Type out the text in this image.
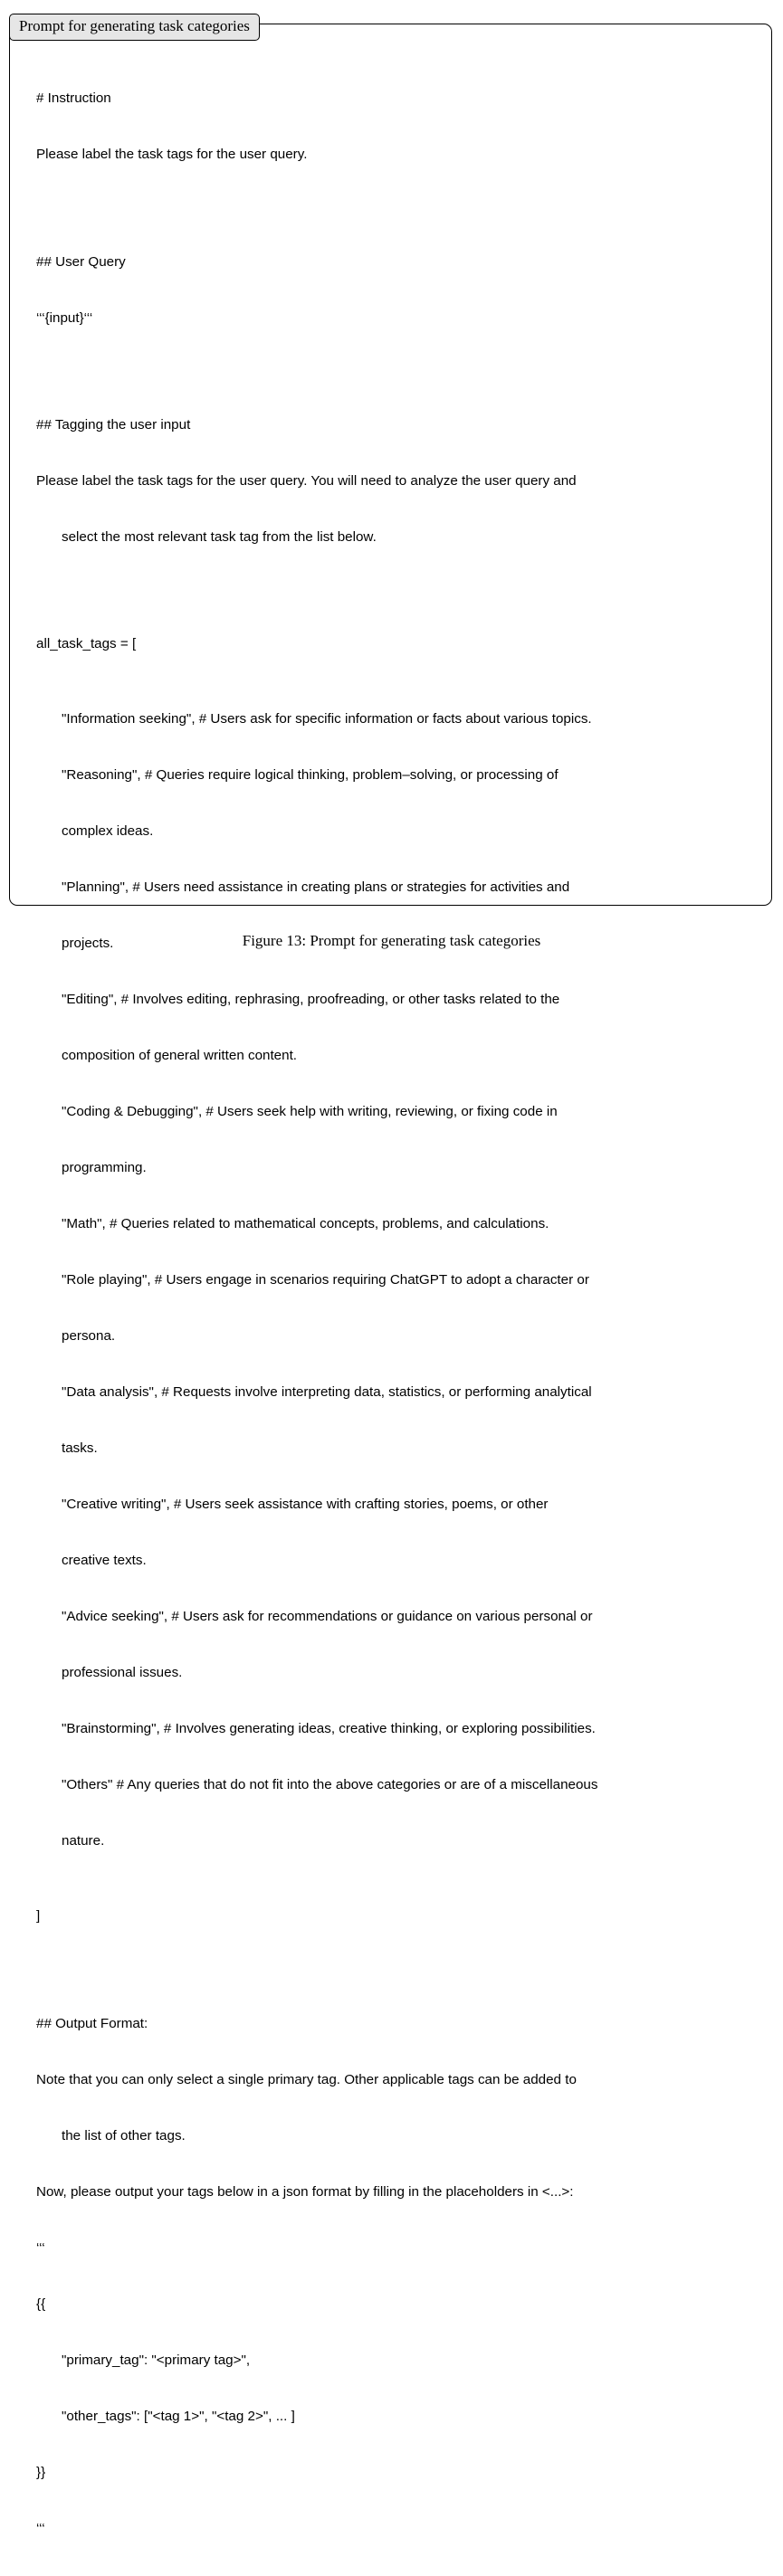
Prompt for generating task categories

# Instruction

Please label the task tags for the user query.

## User Query

‘‘‘{input}‘‘‘

## Tagging the user input

Please label the task tags for the user query. You will need to analyze the user query and

select the most relevant task tag from the list below.

all_task_tags = [

"Information seeking", # Users ask for specific information or facts about various topics.

"Reasoning", # Queries require logical thinking, problem–solving, or processing of

complex ideas.

"Planning", # Users need assistance in creating plans or strategies for activities and

projects.

"Editing", # Involves editing, rephrasing, proofreading, or other tasks related to the

composition of general written content.

"Coding & Debugging", # Users seek help with writing, reviewing, or fixing code in

programming.

"Math", # Queries related to mathematical concepts, problems, and calculations.

"Role playing", # Users engage in scenarios requiring ChatGPT to adopt a character or

persona.

"Data analysis", # Requests involve interpreting data, statistics, or performing analytical

tasks.

"Creative writing", # Users seek assistance with crafting stories, poems, or other

creative texts.

"Advice seeking", # Users ask for recommendations or guidance on various personal or

professional issues.

"Brainstorming", # Involves generating ideas, creative thinking, or exploring possibilities.

"Others" # Any queries that do not fit into the above categories or are of a miscellaneous

nature.

]

## Output Format:

Note that you can only select a single primary tag. Other applicable tags can be added to

the list of other tags.

Now, please output your tags below in a json format by filling in the placeholders in <...>:

‘‘‘

{{

"primary_tag": "<primary tag>",

"other_tags": ["<tag 1>", "<tag 2>", ... ]

}}

‘‘‘

Figure 13: Prompt for generating task categories
